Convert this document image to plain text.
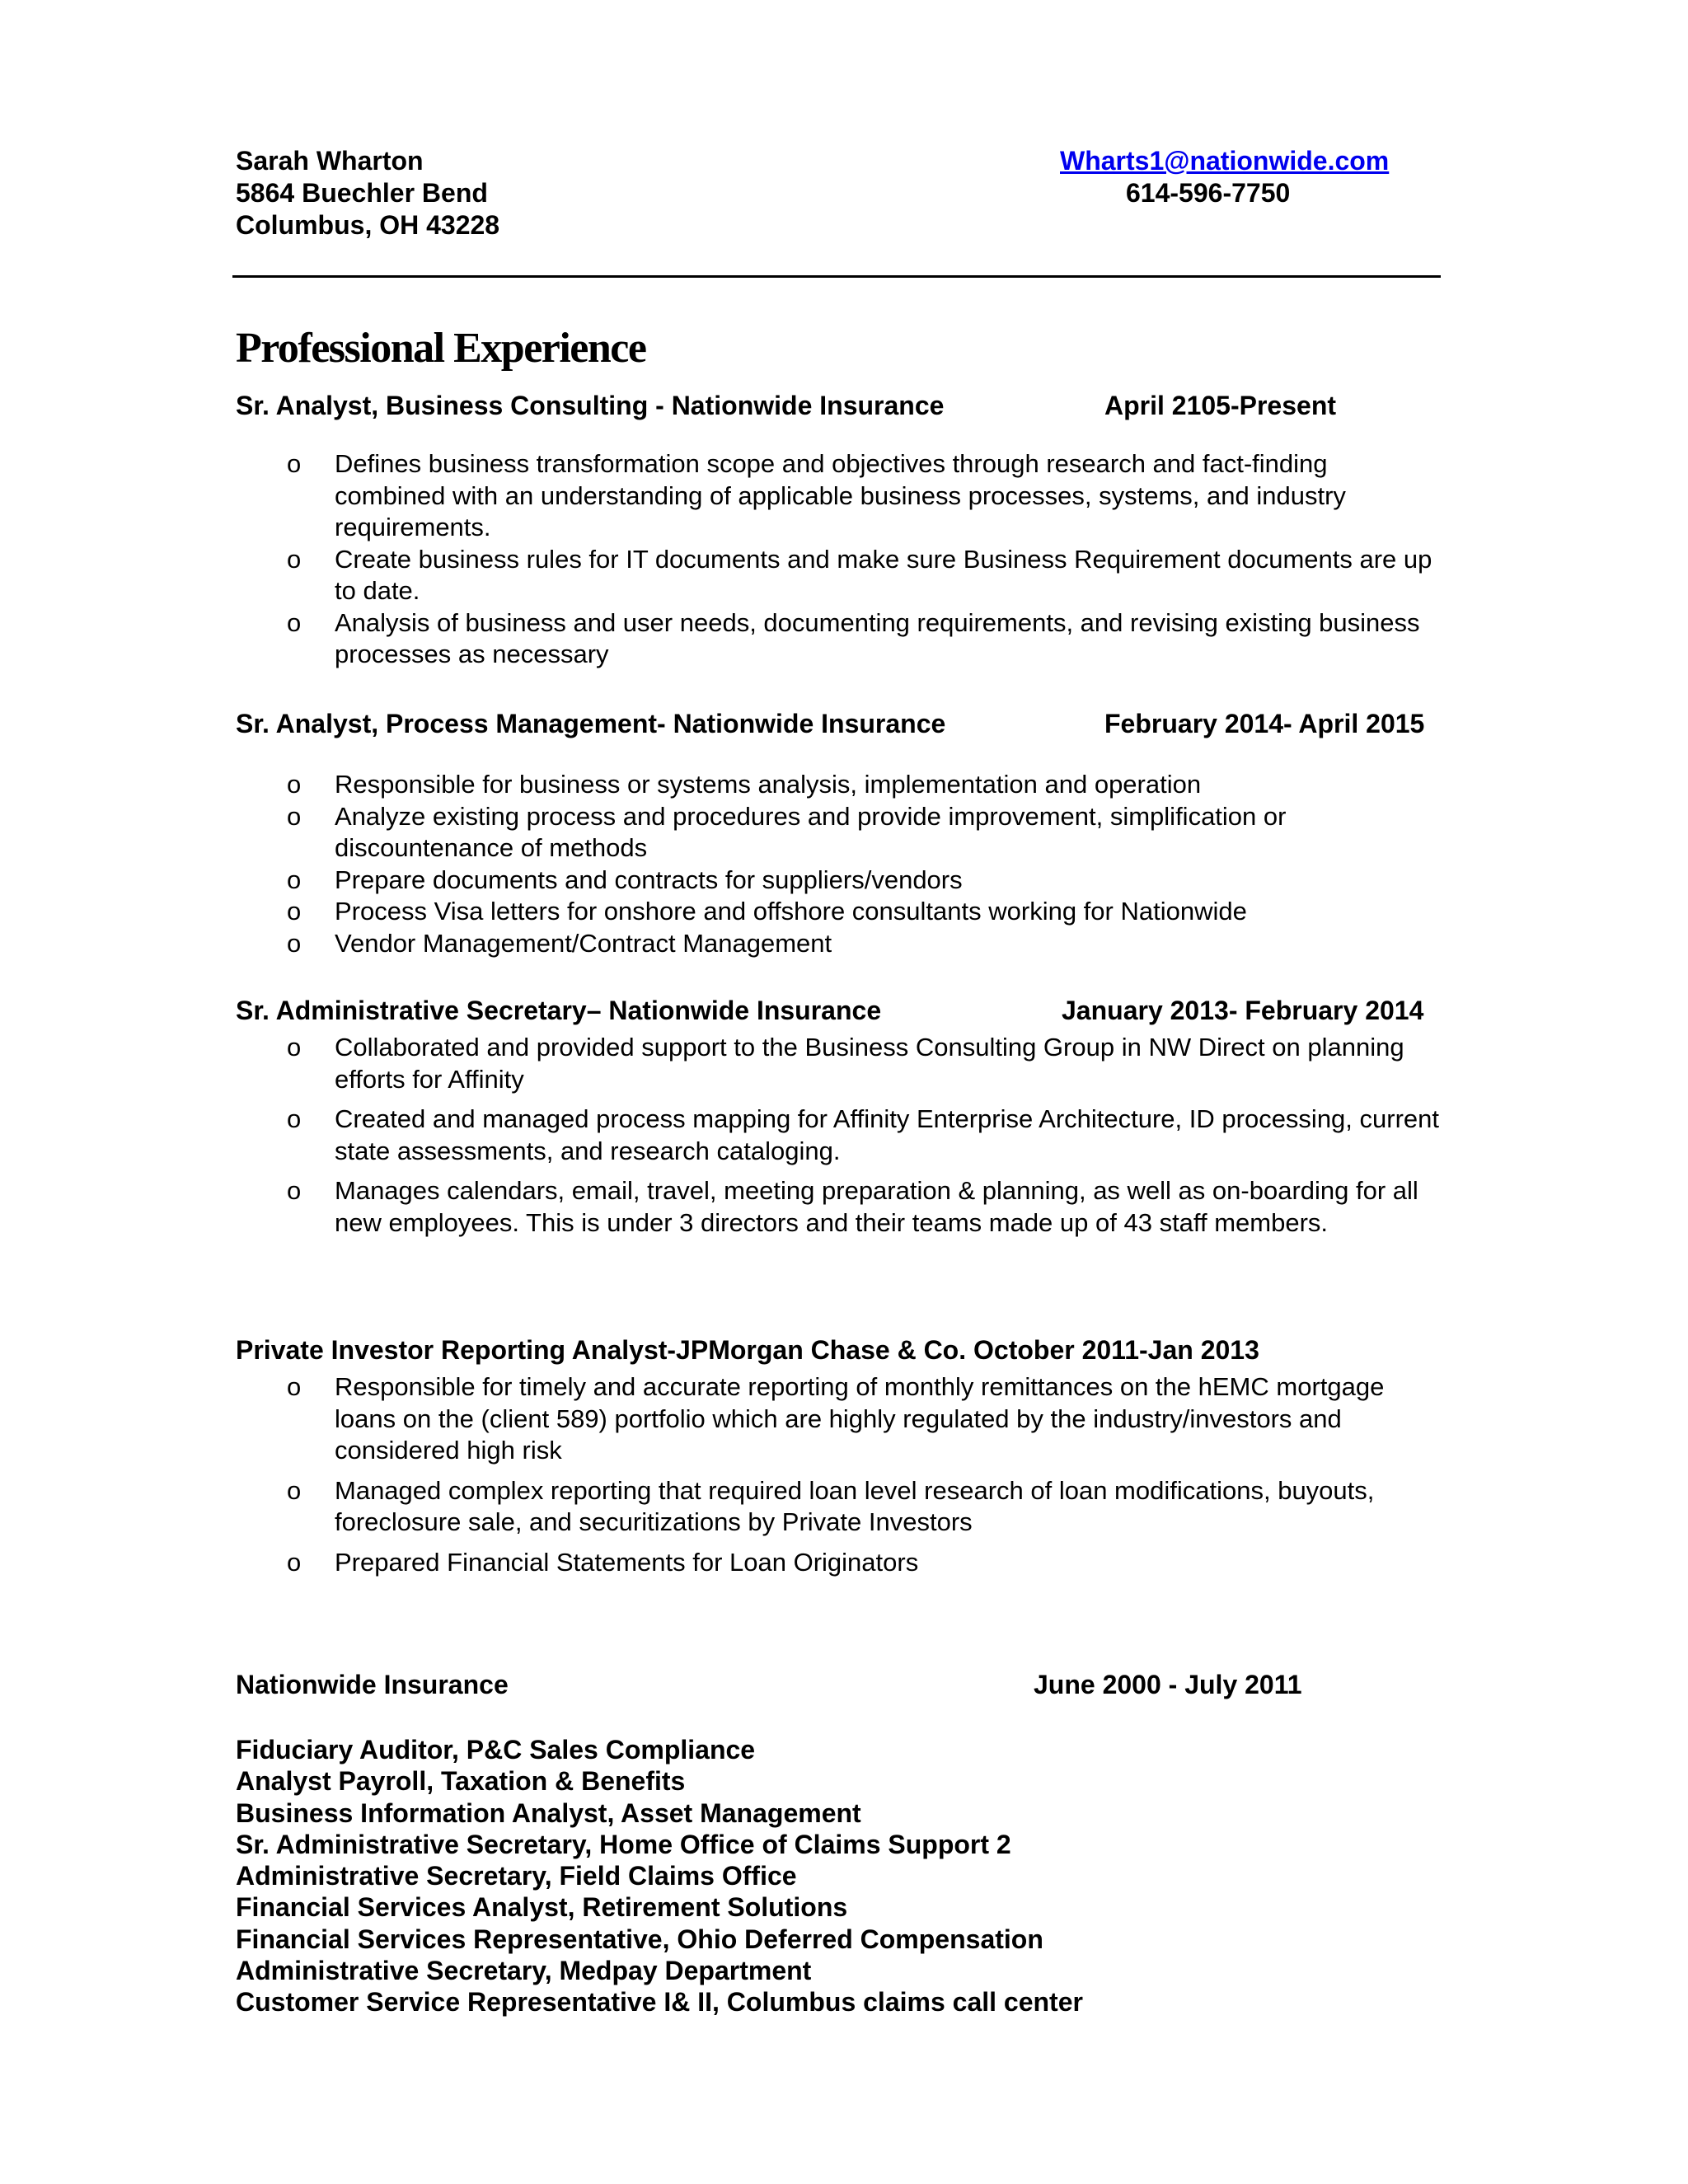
Sarah Wharton	Wharts1@nationwide.com
5864 Buechler Bend	614-596-7750
Columbus, OH 43228
Professional Experience
Sr. Analyst, Business Consulting - Nationwide Insurance	April 2105-Present
o Defines business transformation scope and objectives through research and fact-finding combined with an understanding of applicable business processes, systems, and industry requirements.
o Create business rules for IT documents and make sure Business Requirement documents are up to date.
o Analysis of business and user needs, documenting requirements, and revising existing business processes as necessary
Sr. Analyst, Process Management- Nationwide Insurance	February 2014- April 2015
o Responsible for business or systems analysis, implementation and operation
o Analyze existing process and procedures and provide improvement, simplification or discountenance of methods
o Prepare documents and contracts for suppliers/vendors
o Process Visa letters for onshore and offshore consultants working for Nationwide
o Vendor Management/Contract Management
Sr. Administrative Secretary– Nationwide Insurance	January 2013- February 2014
o Collaborated and provided support to the Business Consulting Group in NW Direct on planning efforts for Affinity
o Created and managed process mapping for Affinity Enterprise Architecture, ID processing, current state assessments, and research cataloging.
o Manages calendars, email, travel, meeting preparation & planning, as well as on-boarding for all new employees. This is under 3 directors and their teams made up of 43 staff members.
Private Investor Reporting Analyst-JPMorgan Chase & Co. October 2011-Jan 2013
o Responsible for timely and accurate reporting of monthly remittances on the hEMC mortgage loans on the (client 589) portfolio which are highly regulated by the industry/investors and considered high risk
o Managed complex reporting that required loan level research of loan modifications, buyouts, foreclosure sale, and securitizations by Private Investors
o Prepared Financial Statements for Loan Originators
Nationwide Insurance	June 2000 - July 2011
Fiduciary Auditor, P&C Sales Compliance
Analyst Payroll, Taxation & Benefits
Business Information Analyst, Asset Management
Sr. Administrative Secretary, Home Office of Claims Support 2
Administrative Secretary, Field Claims Office
Financial Services Analyst, Retirement Solutions
Financial Services Representative, Ohio Deferred Compensation
Administrative Secretary, Medpay Department
Customer Service Representative I& II, Columbus claims call center
